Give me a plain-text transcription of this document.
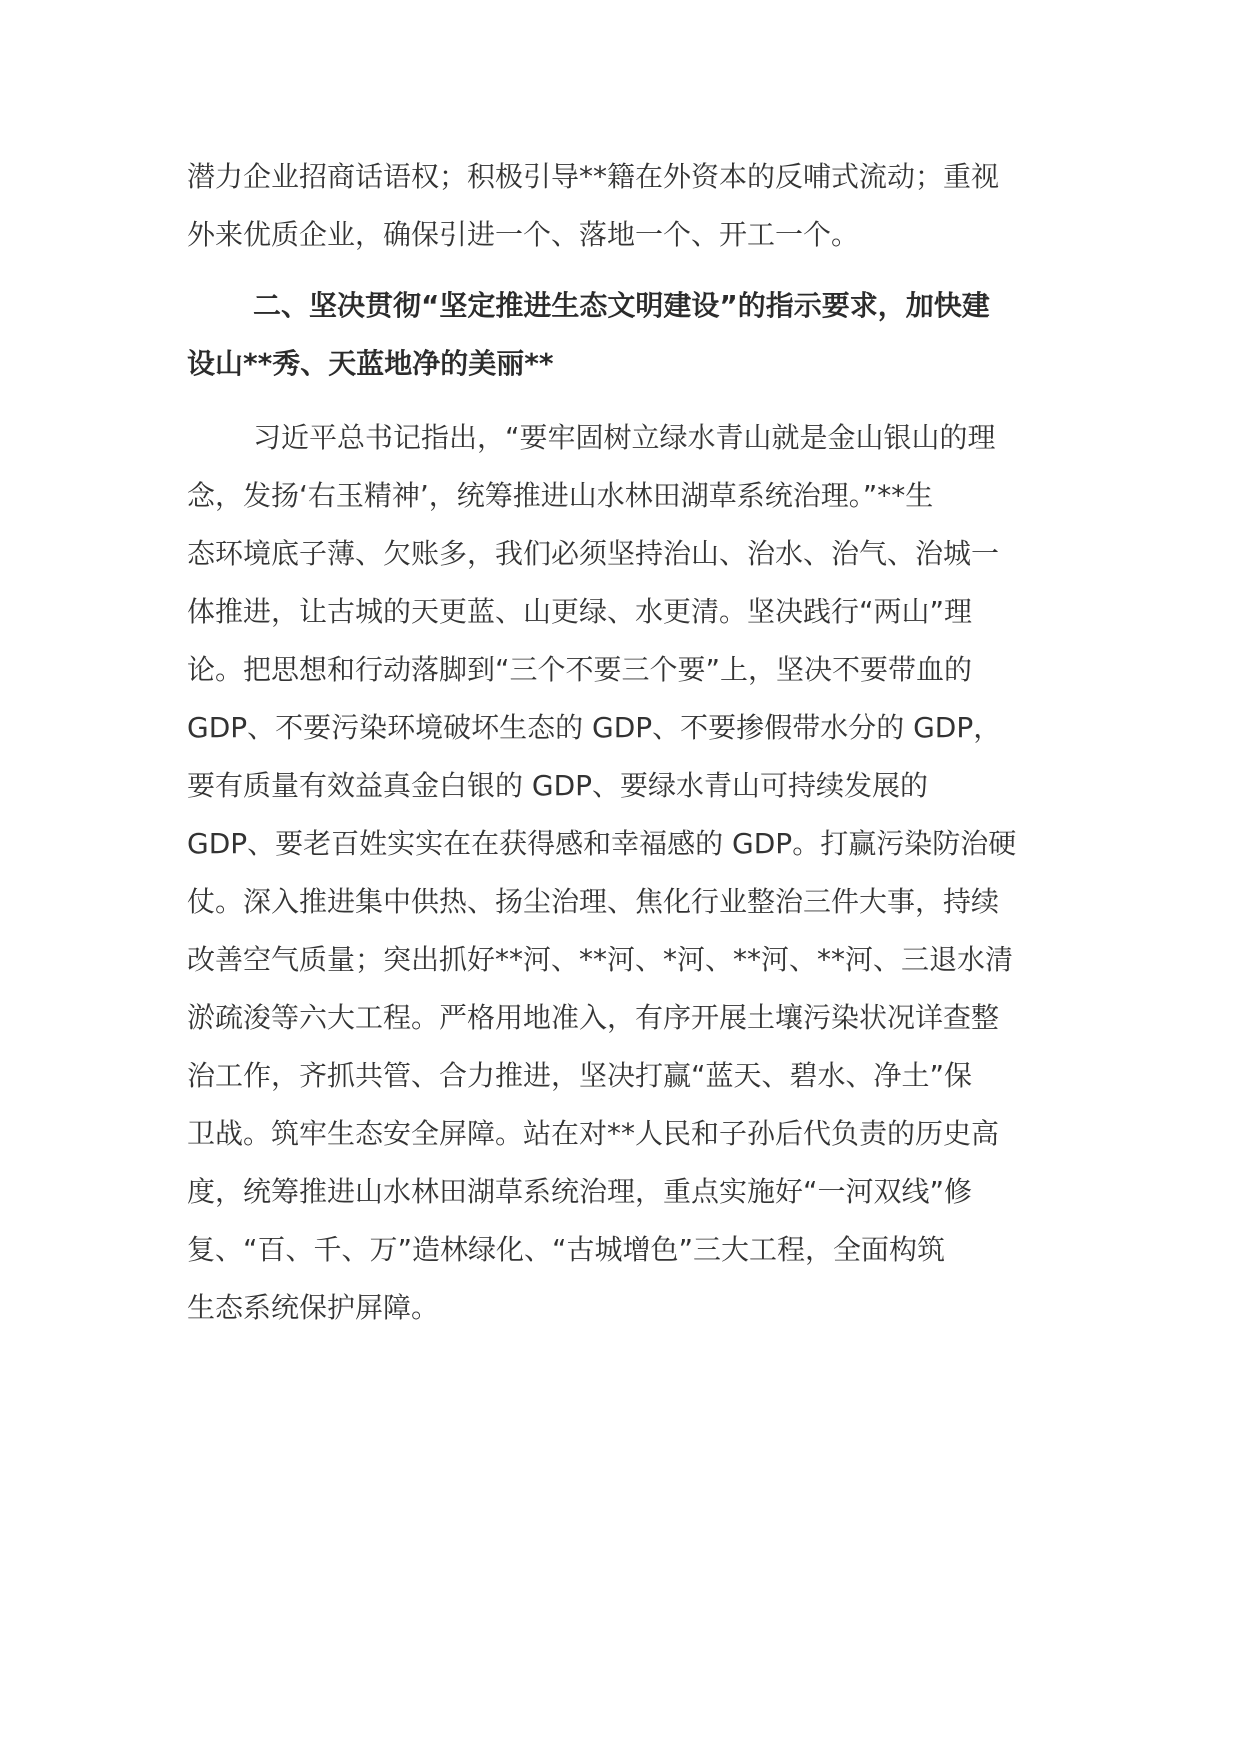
潜力企业招商话语权；积极引导**籍在外资本的反哺式流动；重视
外来优质企业，确保引进一个、落地一个、开工一个。
二、坚决贯彻“坚定推进生态文明建设”的指示要求，加快建
设山**秀、天蓝地净的美丽**
习近平总书记指出，“要牢固树立绿水青山就是金山银山的理
念，发扬‘右玉精神’，统筹推进山水林田湖草系统治理。”**生
态环境底子薄、欠账多，我们必须坚持治山、治水、治气、治城一
体推进，让古城的天更蓝、山更绿、水更清。坚决践行“两山”理
论。把思想和行动落脚到“三个不要三个要”上，坚决不要带血的
GDP、不要污染环境破坏生态的 GDP、不要掺假带水分的 GDP，
要有质量有效益真金白银的 GDP、要绿水青山可持续发展的
GDP、要老百姓实实在在获得感和幸福感的 GDP。打赢污染防治硬
仗。深入推进集中供热、扬尘治理、焦化行业整治三件大事，持续
改善空气质量；突出抓好**河、**河、*河、**河、**河、三退水清
淤疏浚等六大工程。严格用地准入，有序开展土壤污染状况详查整
治工作，齐抓共管、合力推进，坚决打赢“蓝天、碧水、净土”保
卫战。筑牢生态安全屏障。站在对**人民和子孙后代负责的历史高
度，统筹推进山水林田湖草系统治理，重点实施好“一河双线”修
复、“百、千、万”造林绿化、“古城增色”三大工程，全面构筑
生态系统保护屏障。
